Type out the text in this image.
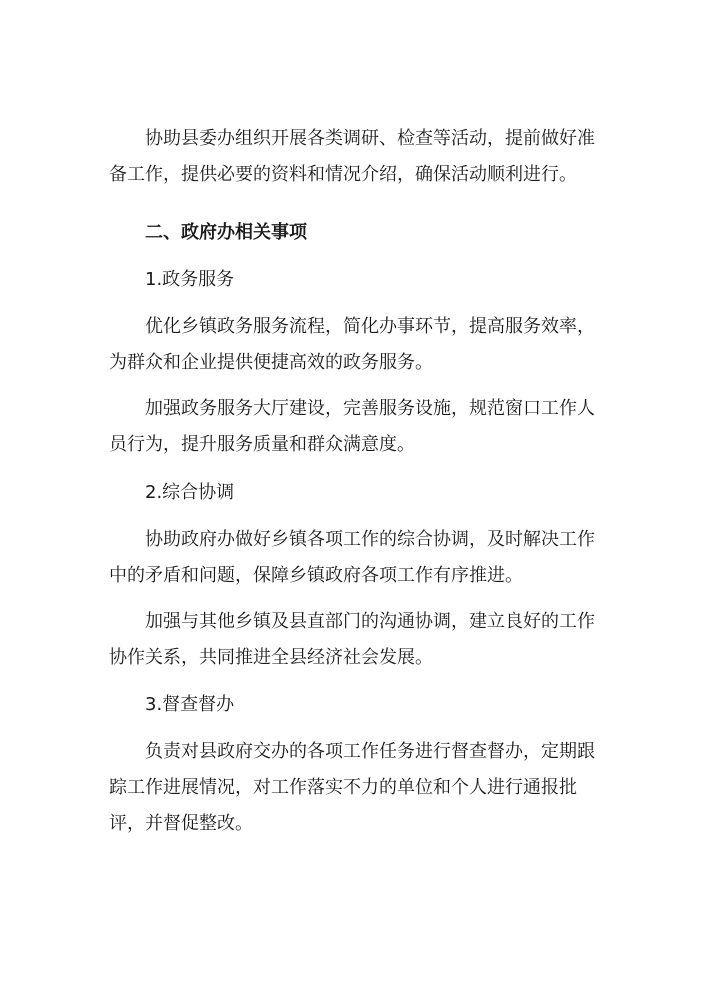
协助县委办组织开展各类调研、检查等活动，提前做好准备工作，提供必要的资料和情况介绍，确保活动顺利进行。

二、政府办相关事项

1.政务服务

优化乡镇政务服务流程，简化办事环节，提高服务效率，为群众和企业提供便捷高效的政务服务。

加强政务服务大厅建设，完善服务设施，规范窗口工作人员行为，提升服务质量和群众满意度。

2.综合协调

协助政府办做好乡镇各项工作的综合协调，及时解决工作中的矛盾和问题，保障乡镇政府各项工作有序推进。

加强与其他乡镇及县直部门的沟通协调，建立良好的工作协作关系，共同推进全县经济社会发展。

3.督查督办

负责对县政府交办的各项工作任务进行督查督办，定期跟踪工作进展情况，对工作落实不力的单位和个人进行通报批评，并督促整改。
